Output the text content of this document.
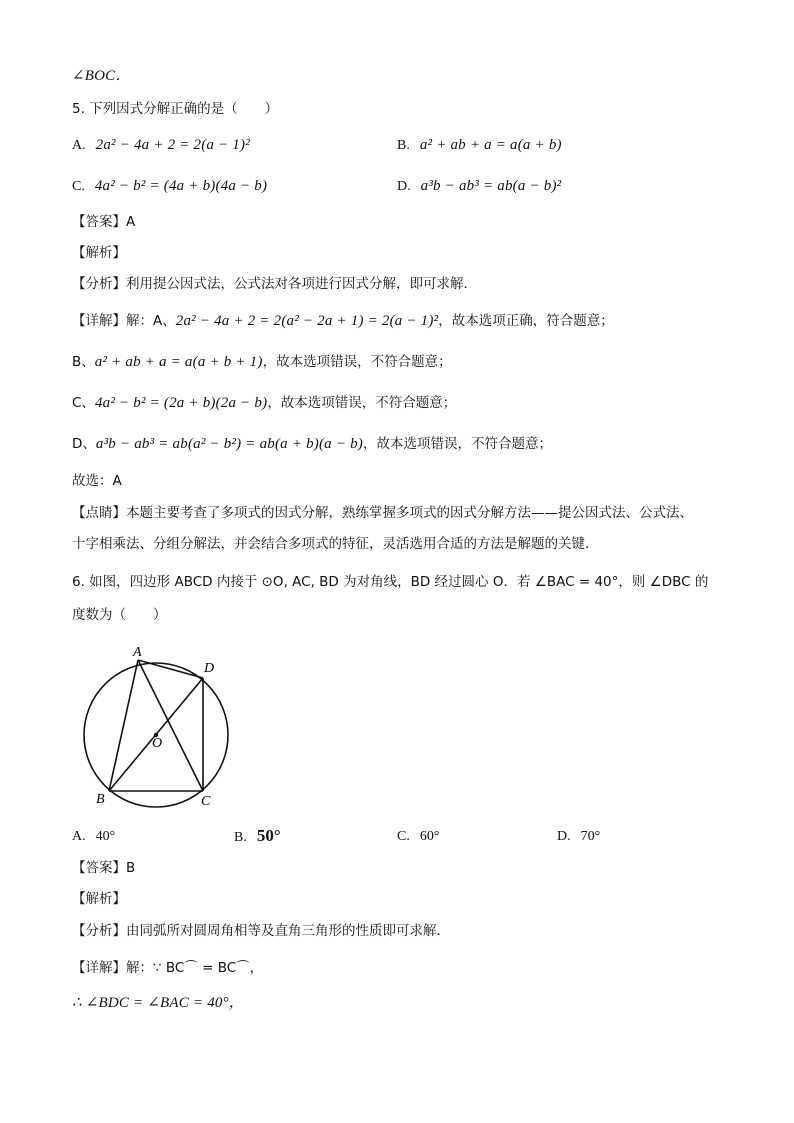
∠BOC．
5. 下列因式分解正确的是（　　）
A. 2a² − 4a + 2 = 2(a − 1)²	B. a² + ab + a = a(a + b)
C. 4a² − b² = (4a + b)(4a − b)	D. a³b − ab³ = ab(a − b)²
【答案】A
【解析】
【分析】利用提公因式法，公式法对各项进行因式分解，即可求解．
【详解】解：A、2a² − 4a + 2 = 2(a² − 2a + 1) = 2(a − 1)²，故本选项正确，符合题意；
B、a² + ab + a = a(a + b + 1)，故本选项错误，不符合题意；
C、4a² − b² = (2a + b)(2a − b)，故本选项错误，不符合题意；
D、a³b − ab³ = ab(a² − b²) = ab(a + b)(a − b)，故本选项错误，不符合题意；
故选：A
【点睛】本题主要考查了多项式的因式分解，熟练掌握多项式的因式分解方法——提公因式法、公式法、
十字相乘法、分组分解法，并会结合多项式的特征，灵活选用合适的方法是解题的关键．
6. 如图，四边形 ABCD 内接于 ⊙O, AC, BD 为对角线，BD 经过圆心 O．若 ∠BAC = 40°，则 ∠DBC 的
度数为（　　）
A
D
O
B	C
A. 40°	B. 50°	C. 60°	D. 70°
【答案】B
【解析】
【分析】由同弧所对圆周角相等及直角三角形的性质即可求解．
【详解】解：∵ BC⌒ = BC⌒，
∴ ∠BDC = ∠BAC = 40°，
